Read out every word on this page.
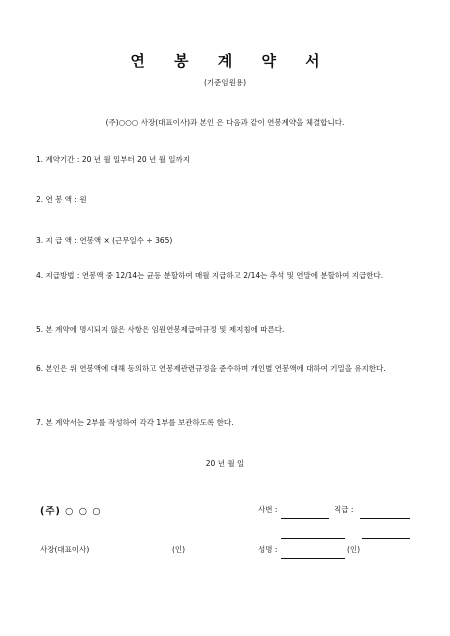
연 봉 계 약 서
(기준임원용)
(주)○○○ 사장(대표이사)과 본인 은 다음과 같이 연봉계약을 체결합니다.
1. 계약기간 : 20 년 월 일부터 20 년 월 일까지
2. 연 봉 액 : 원
3. 지 급 액 : 연봉액 × (근무일수 ÷ 365)
4. 지급방법 : 연봉액 중 12/14는 균등 분할하여 매월 지급하고 2/14는 추석 및 연말에 분할하여 지급한다.
5. 본 계약에 명시되지 않은 사항은 임원연봉제급여규정 및 제지침에 따른다.
6. 본인은 위 연봉액에 대해 동의하고 연봉제관련규정을 준수하며 개인별 연봉액에 대하여 기밀을 유지한다.
7. 본 계약서는 2부를 작성하여 각각 1부를 보관하도록 한다.
20 년 월 일
(주) ○ ○ ○
사장(대표이사)	(인)
사번 :	직급 :
성명 :	(인)
